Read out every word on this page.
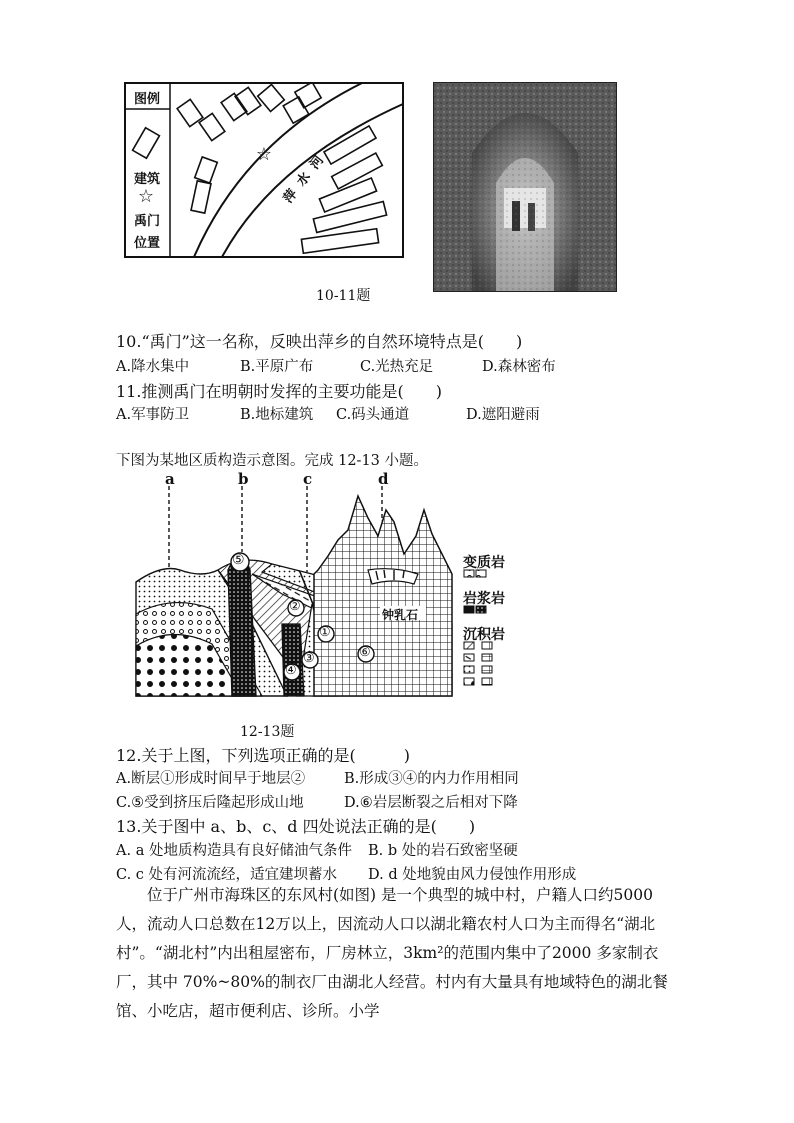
☆
☆
图例
建筑
禹门
位置
萍 水 河
10-11题
10.“禹门”这一名称，反映出萍乡的自然环境特点是(　　)
A.降水集中	B.平原广布	C.光热充足	D.森林密布
11.推测禹门在明朝时发挥的主要功能是(　　)
A.军事防卫	B.地标建筑 C.码头通道	D.遮阳避雨
下图为某地区质构造示意图。完成 12-13 小题。
a	b	c	d
⑤
②
①
③
④
⑥
钟乳石
变质岩
岩浆岩
沉积岩
12-13题
12.关于上图，下列选项正确的是(　　　)
A.断层①形成时间早于地层②	B.形成③④的内力作用相同
C.⑤受到挤压后隆起形成山地	D.⑥岩层断裂之后相对下降
13.关于图中 a、b、c、d 四处说法正确的是(　　)
A. a 处地质构造具有良好储油气条件 B. b 处的岩石致密坚硬
C. c 处有河流流经，适宜建坝蓄水 D. d 处地貌由风力侵蚀作用形成
位于广州市海珠区的东风村(如图) 是一个典型的城中村，户籍人口约5000人，流动人口总数在12万以上，因流动人口以湖北籍农村人口为主而得名“湖北村”。“湖北村”内出租屋密布，厂房林立，3km²的范围内集中了2000 多家制衣厂，其中 70%~80%的制衣厂由湖北人经营。村内有大量具有地域特色的湖北餐馆、小吃店，超市便利店、诊所。小学
